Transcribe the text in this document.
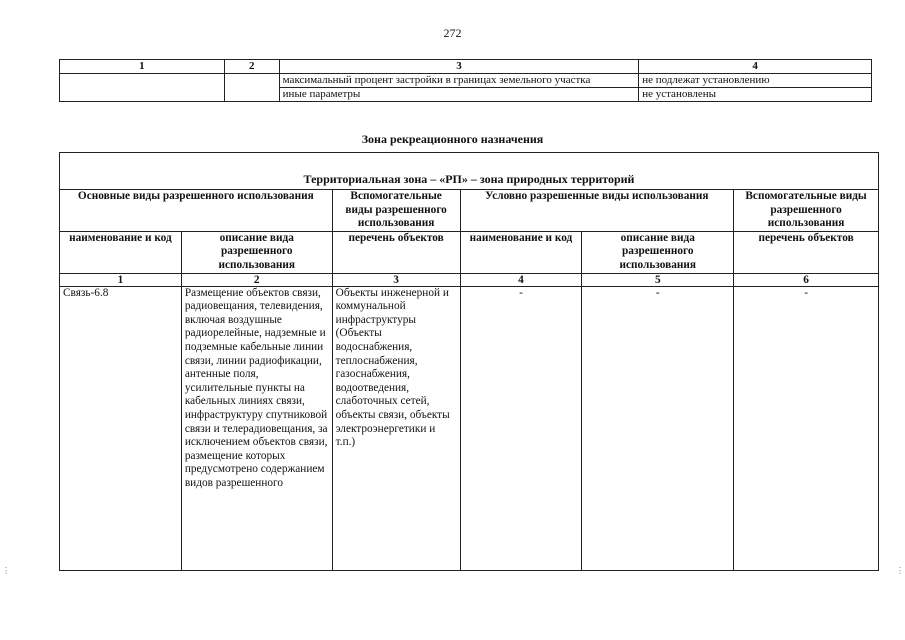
272
1	2	3	4
		максимальный процент застройки в границах земельного участка	не подлежат установлению
		иные параметры	не установлены
Зона рекреационного назначения
Территориальная зона – «РП» – зона природных территорий					
Основные виды разрешенного использования		Вспомогательные виды разрешенного использования	Условно разрешенные виды использования		Вспомогательные виды разрешенного использования
наименование и код	описание вида разрешенного использования	перечень объектов	наименование и код	описание вида разрешенного использования	перечень объектов
1	2	3	4	5	6
Связь-6.8	Размещение объектов связи, радиовещания, телевидения, включая воздушные радиорелейные, надземные и подземные кабельные линии связи, линии радиофикации, антенные поля, усилительные пункты на кабельных линиях связи, инфраструктуру спутниковой связи и телерадиовещания, за исключением объектов связи, размещение которых предусмотрено содержанием видов разрешенного	Объекты инженерной и коммунальной инфраструктуры (Объекты водоснабжения, теплоснабжения, газоснабжения, водоотведения, слаботочных сетей, объекты связи, объекты электроэнергетики и т.п.)	-	-	-
⋮	⋮
